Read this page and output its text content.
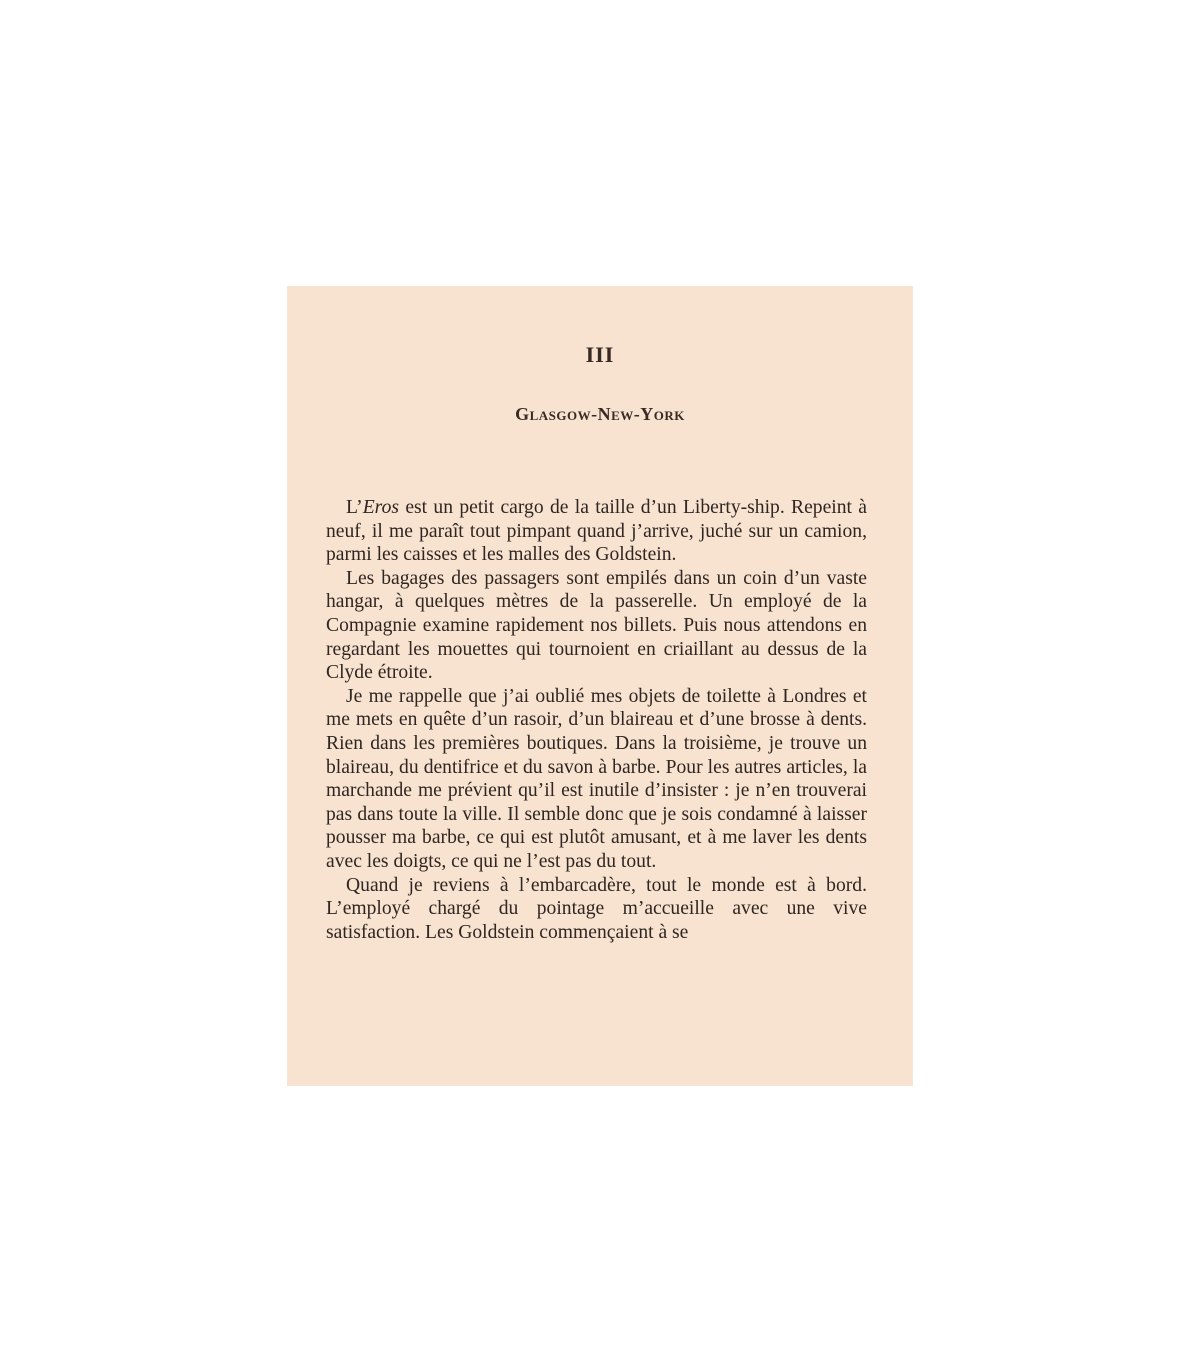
III
Glasgow-New-York

L’Eros est un petit cargo de la taille d’un Liberty-ship. Repeint à neuf, il me paraît tout pimpant quand j’arrive, juché sur un camion, parmi les caisses et les malles des Goldstein.

Les bagages des passagers sont empilés dans un coin d’un vaste hangar, à quelques mètres de la passerelle. Un employé de la Compagnie examine rapidement nos billets. Puis nous attendons en regardant les mouettes qui tournoient en criaillant au dessus de la Clyde étroite.

Je me rappelle que j’ai oublié mes objets de toilette à Londres et me mets en quête d’un rasoir, d’un blaireau et d’une brosse à dents. Rien dans les premières boutiques. Dans la troisième, je trouve un blaireau, du dentifrice et du savon à barbe. Pour les autres articles, la marchande me prévient qu’il est inutile d’insister : je n’en trouverai pas dans toute la ville. Il semble donc que je sois condamné à laisser pousser ma barbe, ce qui est plutôt amusant, et à me laver les dents avec les doigts, ce qui ne l’est pas du tout.

Quand je reviens à l’embarcadère, tout le monde est à bord. L’employé chargé du pointage m’accueille avec une vive satisfaction. Les Goldstein commençaient à se
